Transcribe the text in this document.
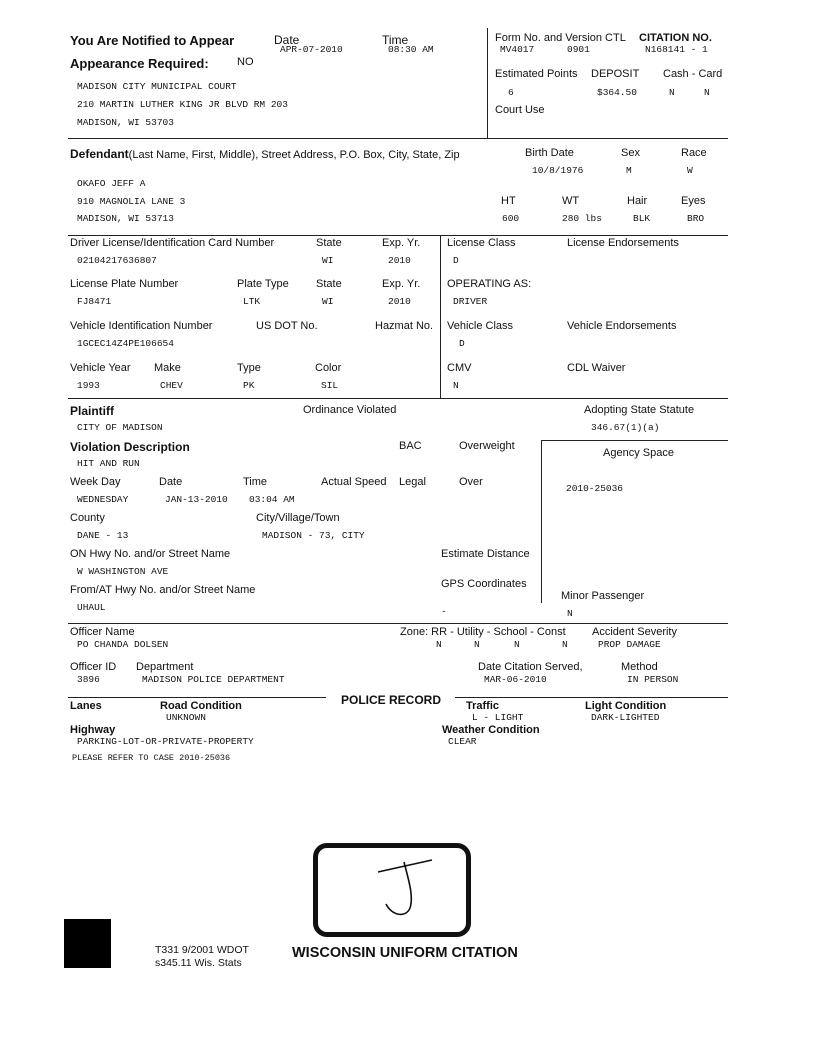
You Are Notified to Appear
Appearance Required:	NO
Date
APR-07-2010
Time
08:30 AM
MADISON CITY MUNICIPAL COURT
210 MARTIN LUTHER KING JR BLVD RM 203
MADISON, WI 53703
Form No. and Version CTL CITATION NO.
MV4017	0901	N168141 - 1
Estimated Points DEPOSIT Cash - Card
6	$364.50	N	N
Court Use
Defendant(Last Name, First, Middle), Street Address, P.O. Box, City, State, Zip
OKAFO JEFF A
910 MAGNOLIA LANE 3
MADISON, WI 53713
Birth Date
10/8/1976
Sex
M
Race
W
HT
600
WT
280 lbs
Hair
BLK
Eyes
BRO
Driver License/Identification Card Number
02104217636807
State
WI
Exp. Yr.
2010
License Class
D
License Endorsements
License Plate Number
FJ8471
Plate Type
LTK
State
WI
Exp. Yr.
2010
OPERATING AS:
DRIVER
Vehicle Identification Number
1GCEC14Z4PE106654
US DOT No.	Hazmat No. Vehicle Class
D
Vehicle Endorsements
Vehicle Year
1993
Make
CHEV
Type
PK
Color
SIL
CMV
N
CDL Waiver
Plaintiff
CITY OF MADISON
Ordinance Violated	Adopting State Statute
346.67(1)(a)
Violation Description
HIT AND RUN
BAC	Overweight
Agency Space
2010-25036
Week Day
WEDNESDAY
Date
JAN-13-2010
Time
03:04 AM
Actual Speed Legal	Over
County
DANE - 13
City/Village/Town
MADISON - 73, CITY
ON Hwy No. and/or Street Name
W WASHINGTON AVE
Estimate Distance
From/AT Hwy No. and/or Street Name
UHAUL
GPS Coordinates
-
Minor Passenger
N
Officer Name
PO CHANDA DOLSEN
Zone: RR - Utility - School - Const
N	N	N	N
Accident Severity
PROP DAMAGE
Officer ID
3896
Department
MADISON POLICE DEPARTMENT
Date Citation Served,
MAR-06-2010
Method
IN PERSON
POLICE RECORD
Lanes	Road Condition
UNKNOWN
Traffic
L - LIGHT
Light Condition
DARK-LIGHTED
Highway
PARKING-LOT-OR-PRIVATE-PROPERTY
Weather Condition
CLEAR
PLEASE REFER TO CASE 2010-25036
T331 9/2001 WDOT
s345.11 Wis. Stats
WISCONSIN UNIFORM CITATION
